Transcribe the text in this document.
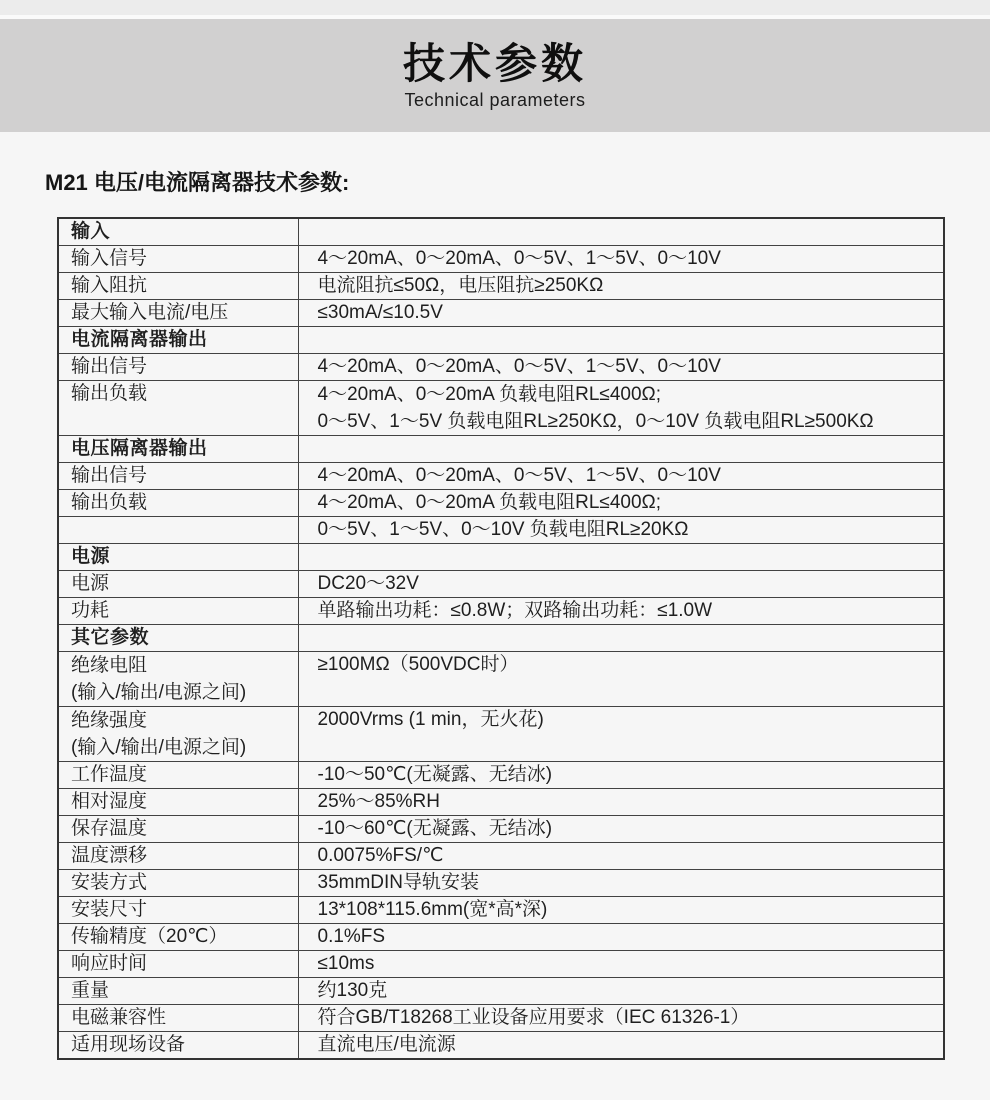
技术参数
Technical parameters
M21 电压/电流隔离器技术参数:
输入	
输入信号	4～20mA、0～20mA、0～5V、1～5V、0～10V
输入阻抗	电流阻抗≤50Ω，电压阻抗≥250KΩ
最大输入电流/电压	≤30mA/≤10.5V
电流隔离器输出	
输出信号	4～20mA、0～20mA、0～5V、1～5V、0～10V
输出负载	4～20mA、0～20mA 负载电阻RL≤400Ω;
0～5V、1～5V 负载电阻RL≥250KΩ，0～10V 负载电阻RL≥500KΩ

电压隔离器输出	
输出信号	4～20mA、0～20mA、0～5V、1～5V、0～10V
输出负载	4～20mA、0～20mA 负载电阻RL≤400Ω;
	0～5V、1～5V、0～10V 负载电阻RL≥20KΩ
电源	
电源	DC20～32V
功耗	单路输出功耗：≤0.8W；双路输出功耗：≤1.0W
其它参数	

绝缘电阻
(输入/输出/电源之间)	≥100MΩ（500VDC时）

绝缘强度
(输入/输出/电源之间)	2000Vrms (1 min，无火花)
工作温度	-10～50℃(无凝露、无结冰)
相对湿度	25%～85%RH
保存温度	-10～60℃(无凝露、无结冰)
温度漂移	0.0075%FS/℃
安装方式	35mmDIN导轨安装
安装尺寸	13*108*115.6mm(宽*高*深)
传输精度（20℃）	0.1%FS
响应时间	≤10ms
重量	约130克
电磁兼容性	符合GB/T18268工业设备应用要求（IEC 61326-1）
适用现场设备	直流电压/电流源
